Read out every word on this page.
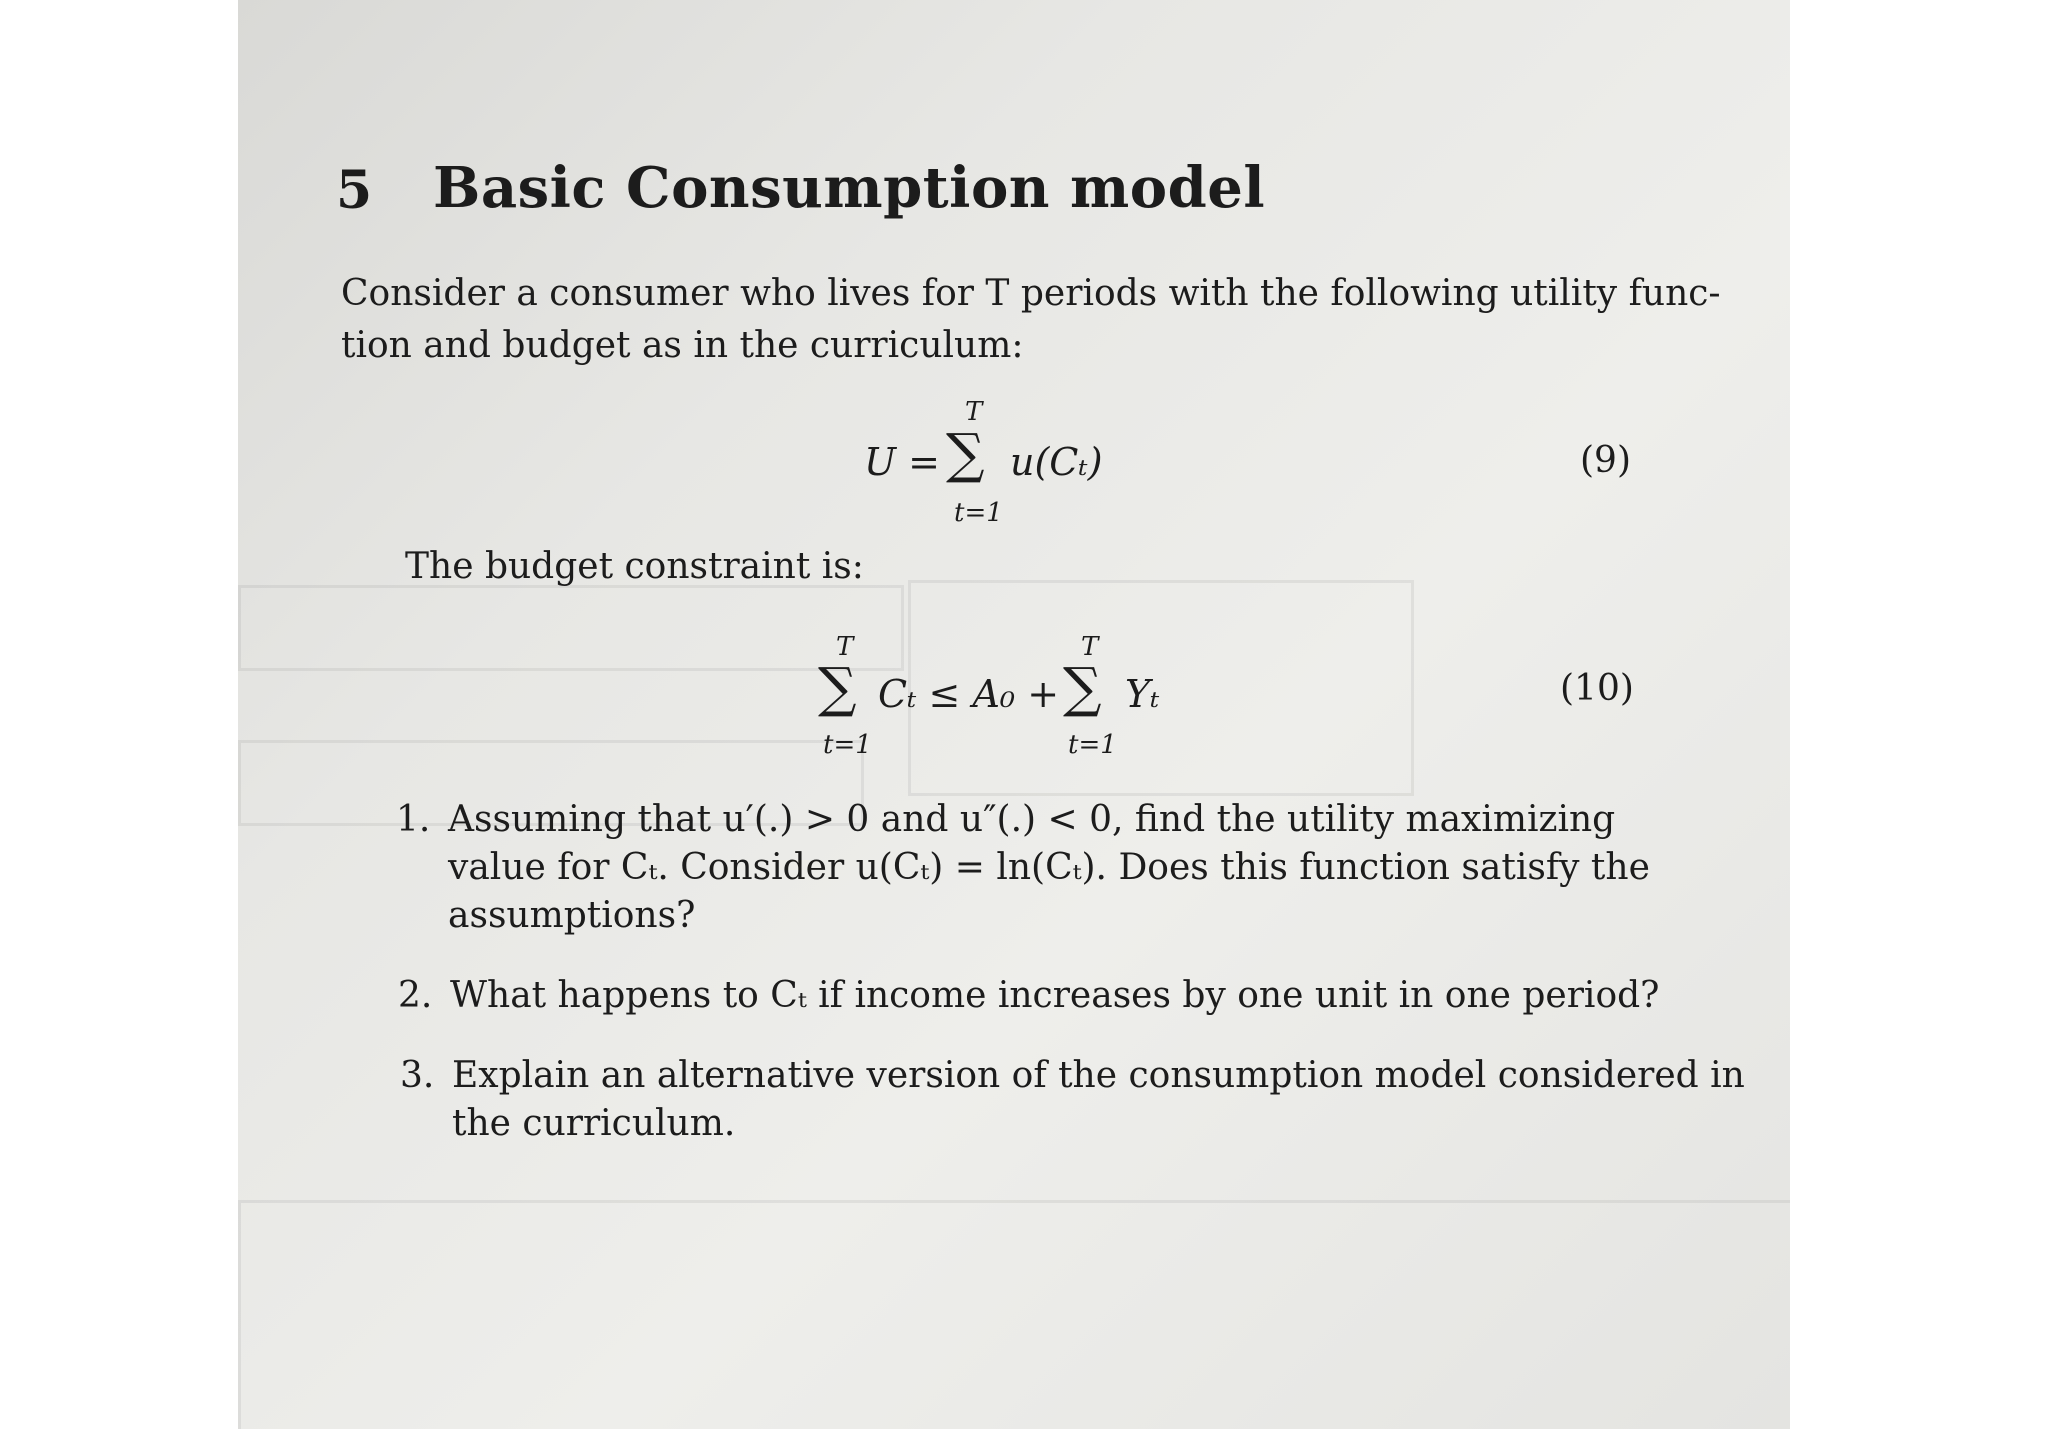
5 Basic Consumption model
Consider a consumer who lives for T periods with the following utility func-
tion and budget as in the curriculum:
U =
T
∑
t=1
u(Cₜ)	(9)
The budget constraint is:
T
∑
t=1
Cₜ ≤ A₀ +
T
∑
t=1
Yₜ	(10)
1. Assuming that u′(.) > 0 and u″(.) < 0, find the utility maximizing
value for Cₜ. Consider u(Cₜ) = ln(Cₜ). Does this function satisfy the
assumptions?
2. What happens to Cₜ if income increases by one unit in one period?
3. Explain an alternative version of the consumption model considered in
the curriculum.
